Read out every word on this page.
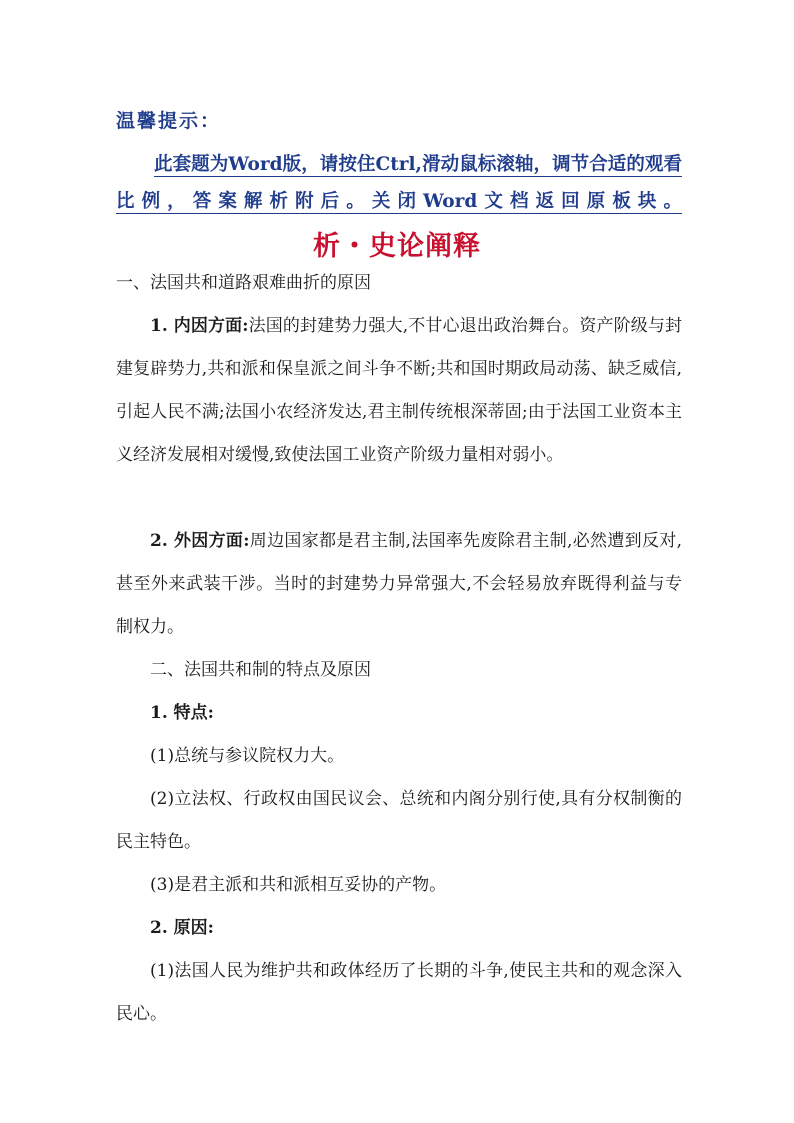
温馨提示：
此套题为Word版，请按住Ctrl,滑动鼠标滚轴，调节合适的观看比例，答案解析附后。关闭Word文档返回原板块。
析・史论阐释
一、法国共和道路艰难曲折的原因
1. 内因方面:法国的封建势力强大,不甘心退出政治舞台。资产阶级与封建复辟势力,共和派和保皇派之间斗争不断;共和国时期政局动荡、缺乏威信,引起人民不满;法国小农经济发达,君主制传统根深蒂固;由于法国工业资本主义经济发展相对缓慢,致使法国工业资产阶级力量相对弱小。
2. 外因方面:周边国家都是君主制,法国率先废除君主制,必然遭到反对,甚至外来武装干涉。当时的封建势力异常强大,不会轻易放弃既得利益与专制权力。
二、法国共和制的特点及原因
1. 特点:
(1)总统与参议院权力大。
(2)立法权、行政权由国民议会、总统和内阁分别行使,具有分权制衡的民主特色。
(3)是君主派和共和派相互妥协的产物。
2. 原因:
(1)法国人民为维护共和政体经历了长期的斗争,使民主共和的观念深入民心。
